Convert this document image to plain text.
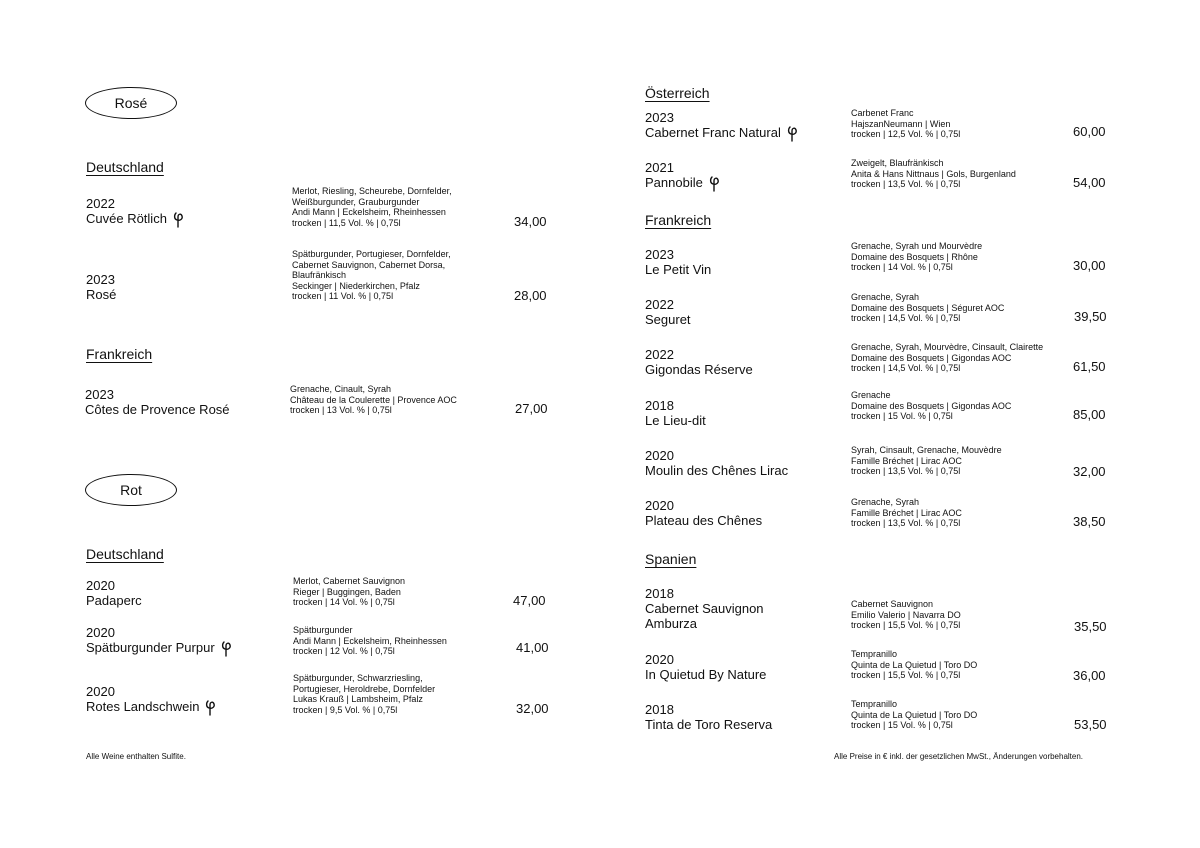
Rosé
Deutschland
2022
Cuvée Rötlich
Merlot, Riesling, Scheurebe, Dornfelder,
Weißburgunder, Grauburgunder
Andi Mann | Eckelsheim, Rheinhessen
trocken | 11,5 Vol. % | 0,75l	34,00
2023
Rosé
Spätburgunder, Portugieser, Dornfelder,
Cabernet Sauvignon, Cabernet Dorsa,
Blaufränkisch
Seckinger | Niederkirchen, Pfalz
trocken | 11 Vol. % | 0,75l	28,00
Frankreich
2023
Côtes de Provence Rosé
Grenache, Cinault, Syrah
Château de la Coulerette | Provence AOC
trocken | 13 Vol. % | 0,75l	27,00
Rot
Deutschland
2020
Padaperc
Merlot, Cabernet Sauvignon
Rieger | Buggingen, Baden
trocken | 14 Vol. % | 0,75l	47,00
2020
Spätburgunder Purpur
Spätburgunder
Andi Mann | Eckelsheim, Rheinhessen
trocken | 12 Vol. % | 0,75l	41,00
2020
Rotes Landschwein
Spätburgunder, Schwarzriesling,
Portugieser, Heroldrebe, Dornfelder
Lukas Krauß | Lambsheim, Pfalz
trocken | 9,5 Vol. % | 0,75l	32,00
Alle Weine enthalten Sulfite.
Österreich
2023
Cabernet Franc Natural
Carbenet Franc
HajszanNeumann | Wien
trocken | 12,5 Vol. % | 0,75l	60,00
2021
Pannobile
Zweigelt, Blaufränkisch
Anita & Hans Nittnaus | Gols, Burgenland
trocken | 13,5 Vol. % | 0,75l	54,00
Frankreich
2023
Le Petit Vin
Grenache, Syrah und Mourvèdre
Domaine des Bosquets | Rhône
trocken | 14 Vol. % | 0,75l	30,00
2022
Seguret
Grenache, Syrah
Domaine des Bosquets | Séguret AOC
trocken | 14,5 Vol. % | 0,75l	39,50
2022
Gigondas Réserve
Grenache, Syrah, Mourvèdre, Cinsault, Clairette
Domaine des Bosquets | Gigondas AOC
trocken | 14,5 Vol. % | 0,75l	61,50
2018
Le Lieu-dit
Grenache
Domaine des Bosquets | Gigondas AOC
trocken | 15 Vol. % | 0,75l	85,00
2020
Moulin des Chênes Lirac
Syrah, Cinsault, Grenache, Mouvèdre
Famille Bréchet | Lirac AOC
trocken | 13,5 Vol. % | 0,75l	32,00
2020
Plateau des Chênes
Grenache, Syrah
Famille Bréchet | Lirac AOC
trocken | 13,5 Vol. % | 0,75l	38,50
Spanien
2018
Cabernet Sauvignon
Amburza
Cabernet Sauvignon
Emilio Valerio | Navarra DO
trocken | 15,5 Vol. % | 0,75l	35,50
2020
In Quietud By Nature
Tempranillo
Quinta de La Quietud | Toro DO
trocken | 15,5 Vol. % | 0,75l	36,00
2018
Tinta de Toro Reserva
Tempranillo
Quinta de La Quietud | Toro DO
trocken | 15 Vol. % | 0,75l	53,50
Alle Preise in € inkl. der gesetzlichen MwSt., Änderungen vorbehalten.
